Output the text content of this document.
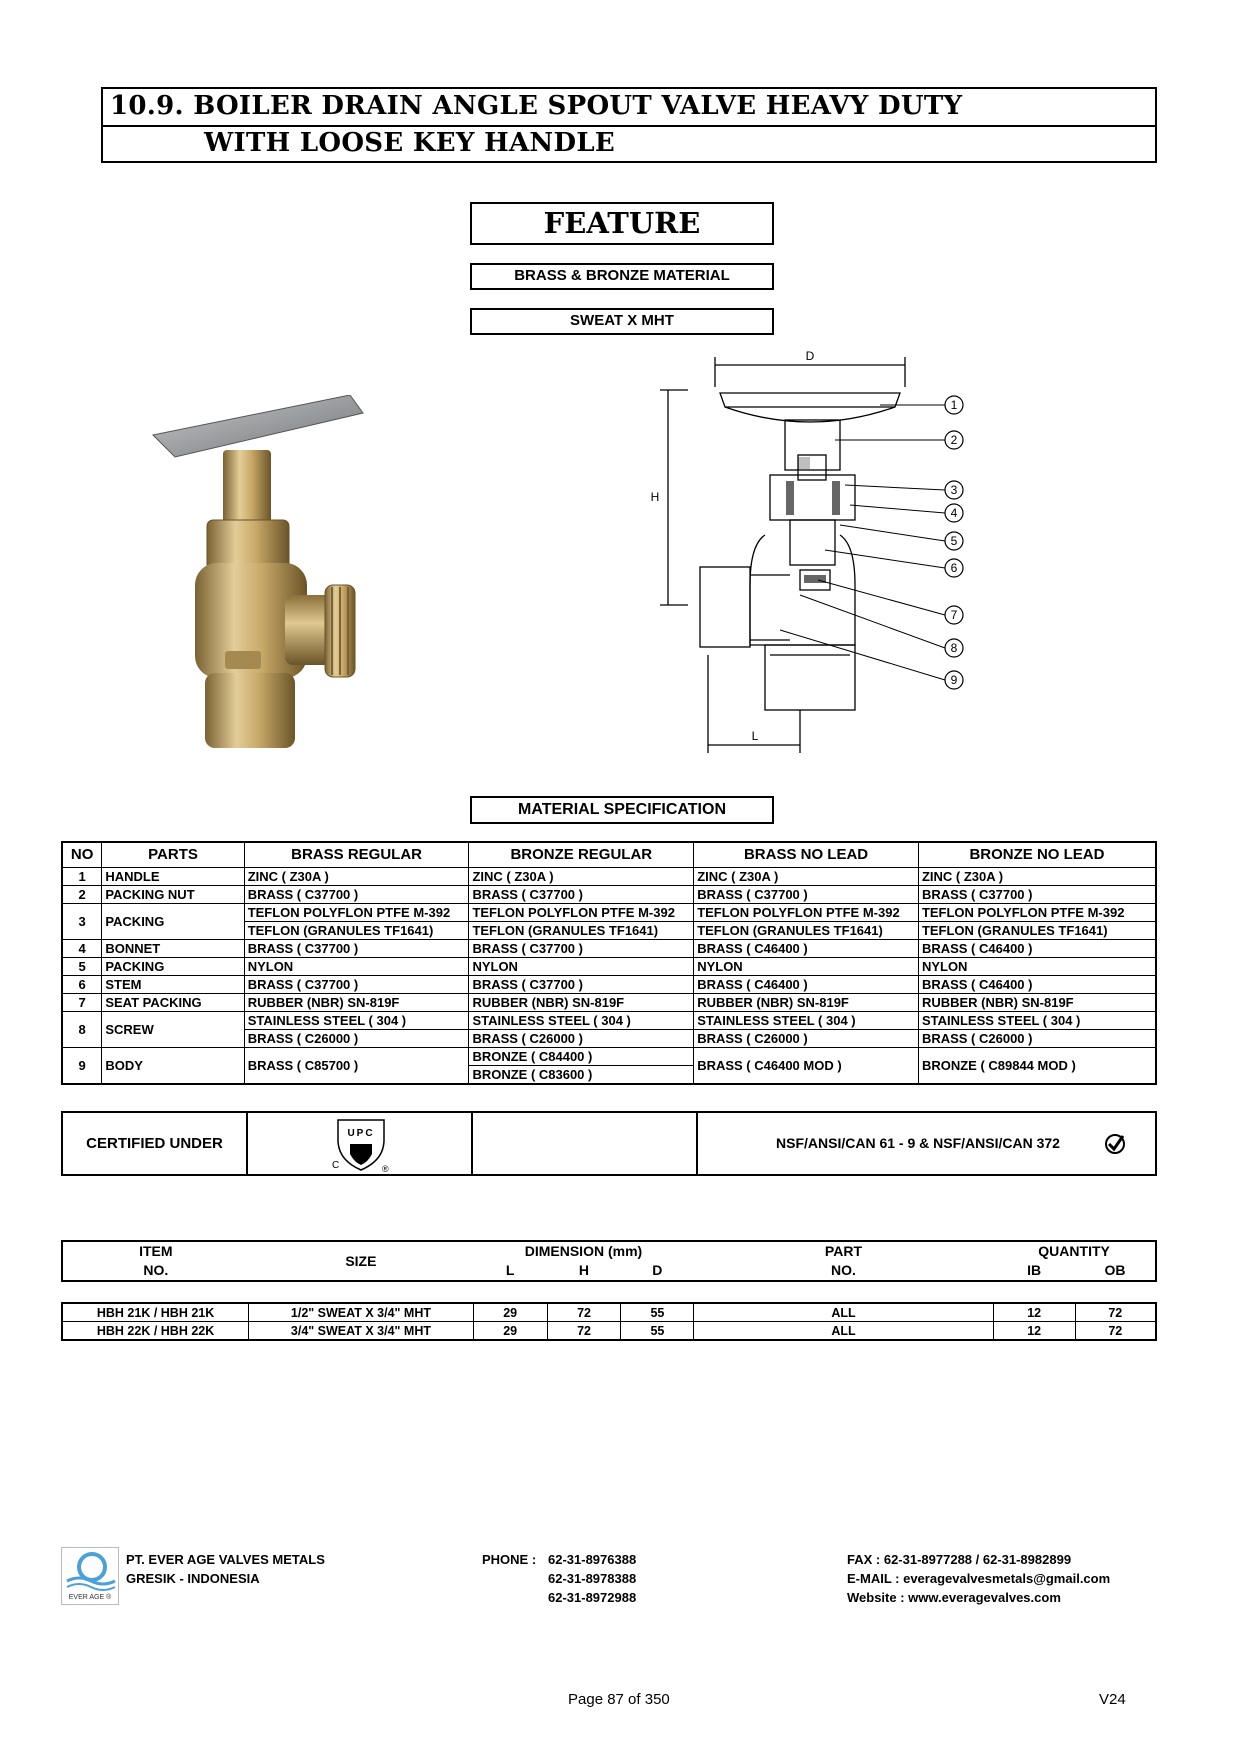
10.9. BOILER DRAIN ANGLE SPOUT VALVE HEAVY DUTY
WITH LOOSE KEY HANDLE
FEATURE
BRASS & BRONZE MATERIAL
SWEAT X MHT
D
H
L
1
2
3
4
5
6
7
8
9
MATERIAL SPECIFICATION
NO	PARTS	BRASS REGULAR	BRONZE REGULAR	BRASS NO LEAD	BRONZE NO LEAD
1	HANDLE	ZINC ( Z30A )	ZINC ( Z30A )	ZINC ( Z30A )	ZINC ( Z30A )
2	PACKING NUT	BRASS ( C37700 )	BRASS ( C37700 )	BRASS ( C37700 )	BRASS ( C37700 )
3	PACKING	TEFLON POLYFLON PTFE M-392	TEFLON POLYFLON PTFE M-392	TEFLON POLYFLON PTFE M-392	TEFLON POLYFLON PTFE M-392
		TEFLON (GRANULES TF1641)	TEFLON (GRANULES TF1641)	TEFLON (GRANULES TF1641)	TEFLON (GRANULES TF1641)
4	BONNET	BRASS ( C37700 )	BRASS ( C37700 )	BRASS ( C46400 )	BRASS ( C46400 )
5	PACKING	NYLON	NYLON	NYLON	NYLON
6	STEM	BRASS ( C37700 )	BRASS ( C37700 )	BRASS ( C46400 )	BRASS ( C46400 )
7	SEAT PACKING	RUBBER (NBR) SN-819F	RUBBER (NBR) SN-819F	RUBBER (NBR) SN-819F	RUBBER (NBR) SN-819F
8	SCREW	STAINLESS STEEL ( 304 )	STAINLESS STEEL ( 304 )	STAINLESS STEEL ( 304 )	STAINLESS STEEL ( 304 )
		BRASS ( C26000 )	BRASS ( C26000 )	BRASS ( C26000 )	BRASS ( C26000 )
9	BODY	BRASS ( C85700 )	BRONZE ( C84400 )	BRASS ( C46400 MOD )	BRONZE ( C89844 MOD )
			BRONZE ( C83600 )		
CERTIFIED UNDER
UPC
C	®
NSF/ANSI/CAN 61 - 9 & NSF/ANSI/CAN 372
ITEM	SIZE	DIMENSION (mm)			PART	QUANTITY	
NO.		L	H	D	NO.	IB	OB
HBH 21K / HBH 21K	1/2" SWEAT X 3/4" MHT	29	72	55	ALL	12	72
HBH 22K / HBH 22K	3/4" SWEAT X 3/4" MHT	29	72	55	ALL	12	72
EVER AGE ®
PT. EVER AGE VALVES METALS
GRESIK - INDONESIA
PHONE : 62-31-8976388
62-31-8978388
62-31-8972988
FAX : 62-31-8977288 / 62-31-8982899
E-MAIL : everagevalvesmetals@gmail.com
Website : www.everagevalves.com
Page 87 of 350	V24
